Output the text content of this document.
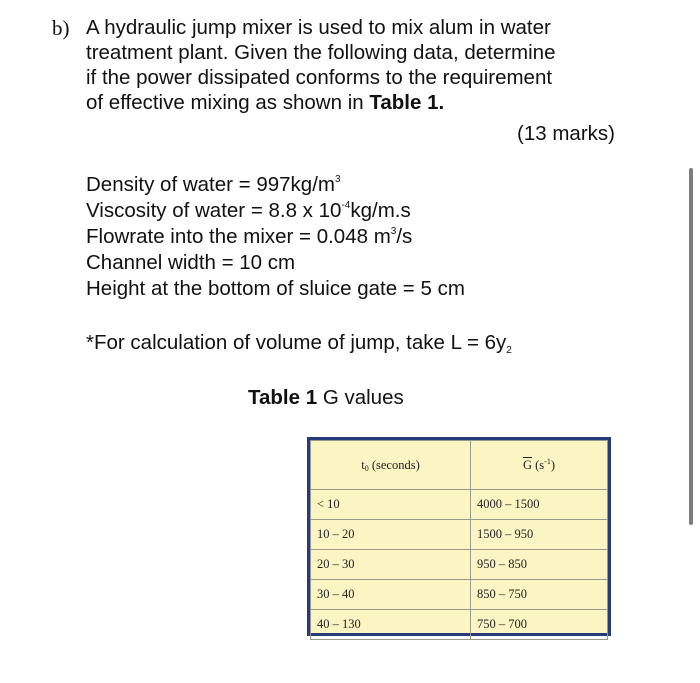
b) A hydraulic jump mixer is used to mix alum in water
treatment plant. Given the following data, determine
if the power dissipated conforms to the requirement
of effective mixing as shown in Table 1.
(13 marks)
Density of water = $997kg/m^3$
Viscosity of water = 8.8 x $10^{-4}kg/m.s$
Flowrate into the mixer = 0.048 $m^3/s$
Channel width = 10 cm
Height at the bottom of sluice gate = 5 cm
*For calculation of volume of jump, take $L = 6y_2$
Table 1 G values
$t_0$ (seconds)	$\overline{G}$ $(s^{-1})$
< 10	4000 – 1500
10 – 20	1500 – 950
20 – 30	950 – 850
30 – 40	850 – 750
40 – 130	750 – 700
